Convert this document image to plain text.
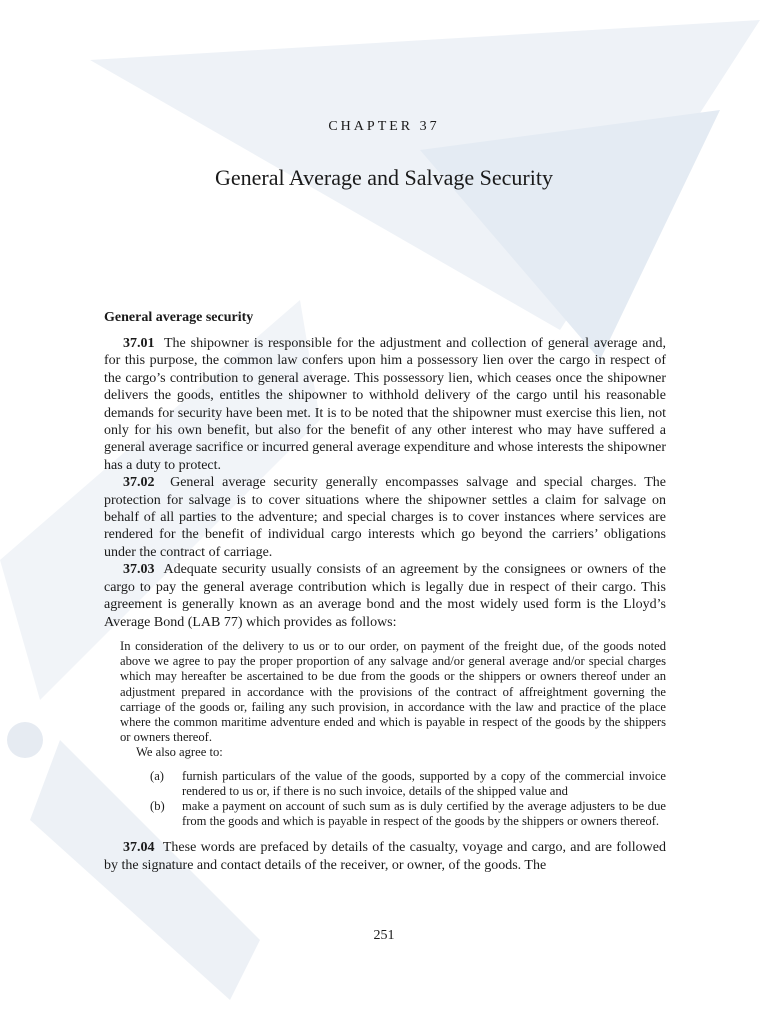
CHAPTER 37

General Average and Salvage Security
General average security

37.01 The shipowner is responsible for the adjustment and collection of general average and, for this purpose, the common law confers upon him a possessory lien over the cargo in respect of the cargo’s contribution to general average. This possessory lien, which ceases once the shipowner delivers the goods, entitles the shipowner to withhold delivery of the cargo until his reasonable demands for security have been met. It is to be noted that the shipowner must exercise this lien, not only for his own benefit, but also for the benefit of any other interest who may have suffered a general average sacrifice or incurred general average expenditure and whose interests the shipowner has a duty to protect.

37.02 General average security generally encompasses salvage and special charges. The protection for salvage is to cover situations where the shipowner settles a claim for salvage on behalf of all parties to the adventure; and special charges is to cover instances where services are rendered for the benefit of individual cargo interests which go beyond the carriers’ obligations under the contract of carriage.

37.03 Adequate security usually consists of an agreement by the consignees or owners of the cargo to pay the general average contribution which is legally due in respect of their cargo. This agreement is generally known as an average bond and the most widely used form is the Lloyd’s Average Bond (LAB 77) which provides as follows:

In consideration of the delivery to us or to our order, on payment of the freight due, of the goods noted above we agree to pay the proper proportion of any salvage and/or general average and/or special charges which may hereafter be ascertained to be due from the goods or the shippers or owners thereof under an adjustment prepared in accordance with the provisions of the contract of affreightment governing the carriage of the goods or, failing any such provision, in accordance with the law and practice of the place where the common maritime adventure ended and which is payable in respect of the goods by the shippers or owners thereof.

We also agree to:

(a)	furnish particulars of the value of the goods, supported by a copy of the commercial invoice rendered to us or, if there is no such invoice, details of the shipped value and
(b)	make a payment on account of such sum as is duly certified by the average adjusters to be due from the goods and which is payable in respect of the goods by the shippers or owners thereof.

37.04 These words are prefaced by details of the casualty, voyage and cargo, and are followed by the signature and contact details of the receiver, or owner, of the goods. The

251
